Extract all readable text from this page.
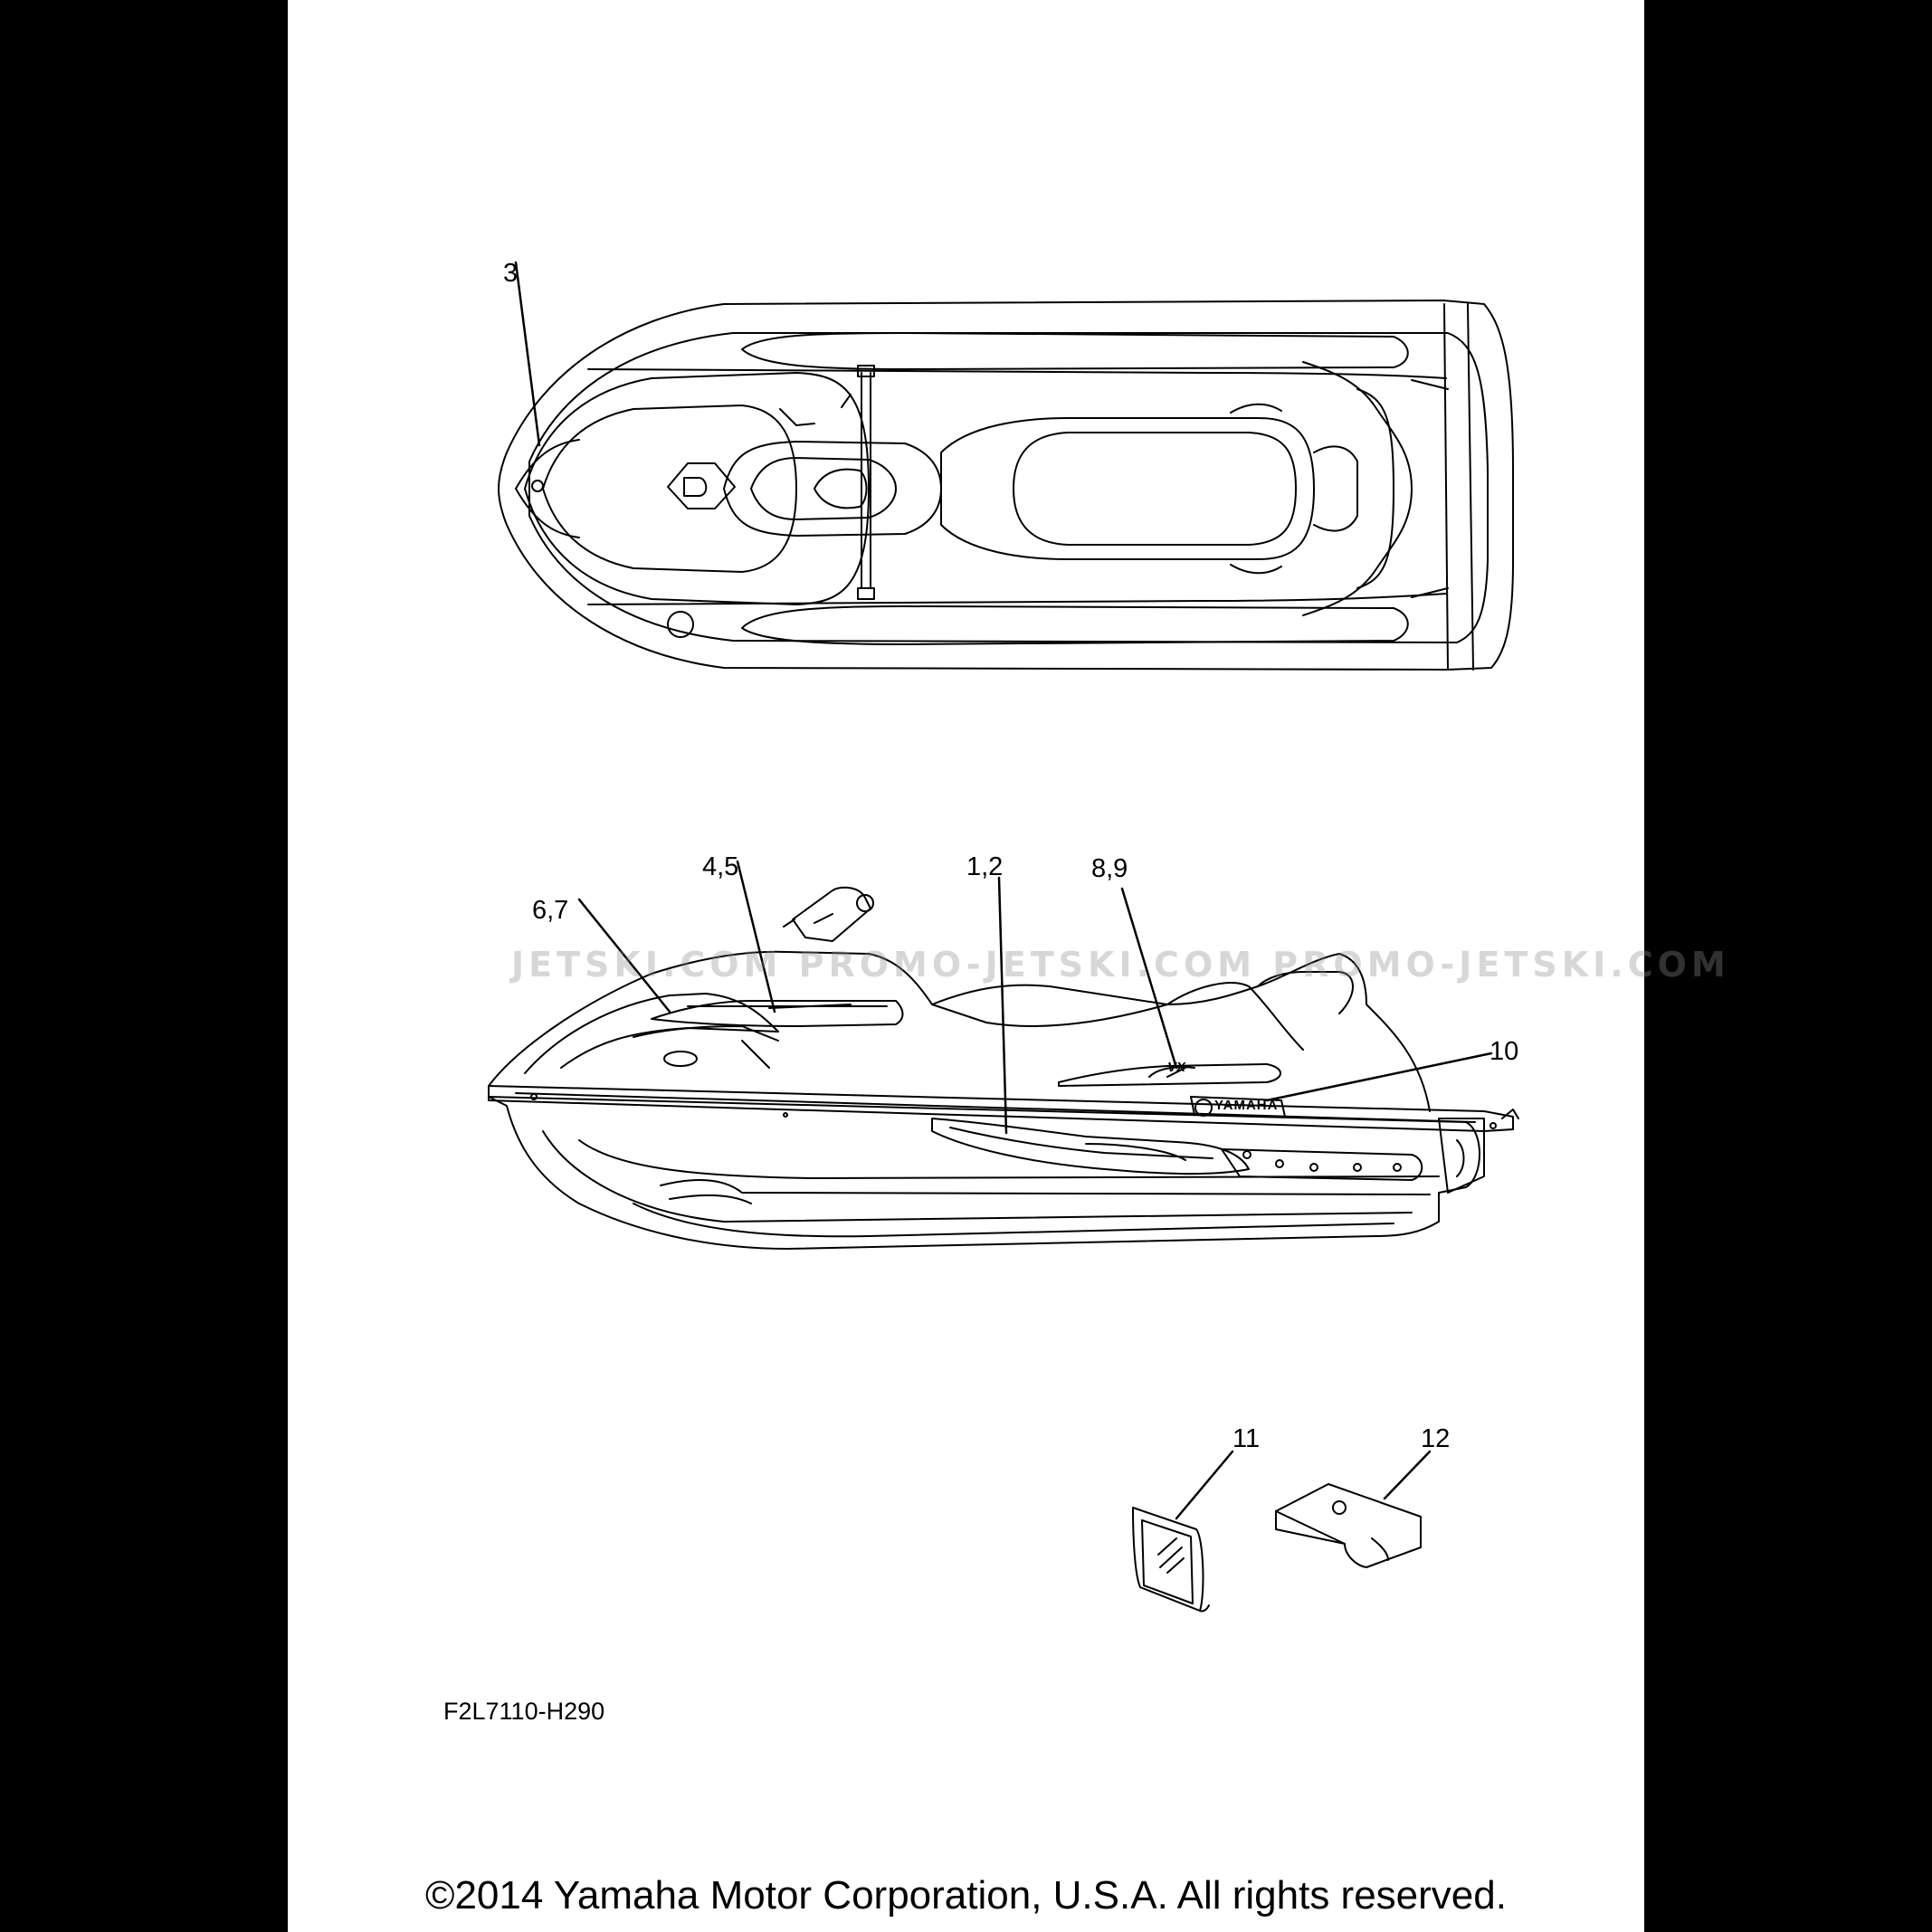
3
4,5	1,2	8,9
6,7
10
11	12
YAMAHA
VX
JETSKI.COM PROMO-JETSKI.COM PROMO-JETSKI.COM
F2L7110-H290
©2014 Yamaha Motor Corporation, U.S.A. All rights reserved.
